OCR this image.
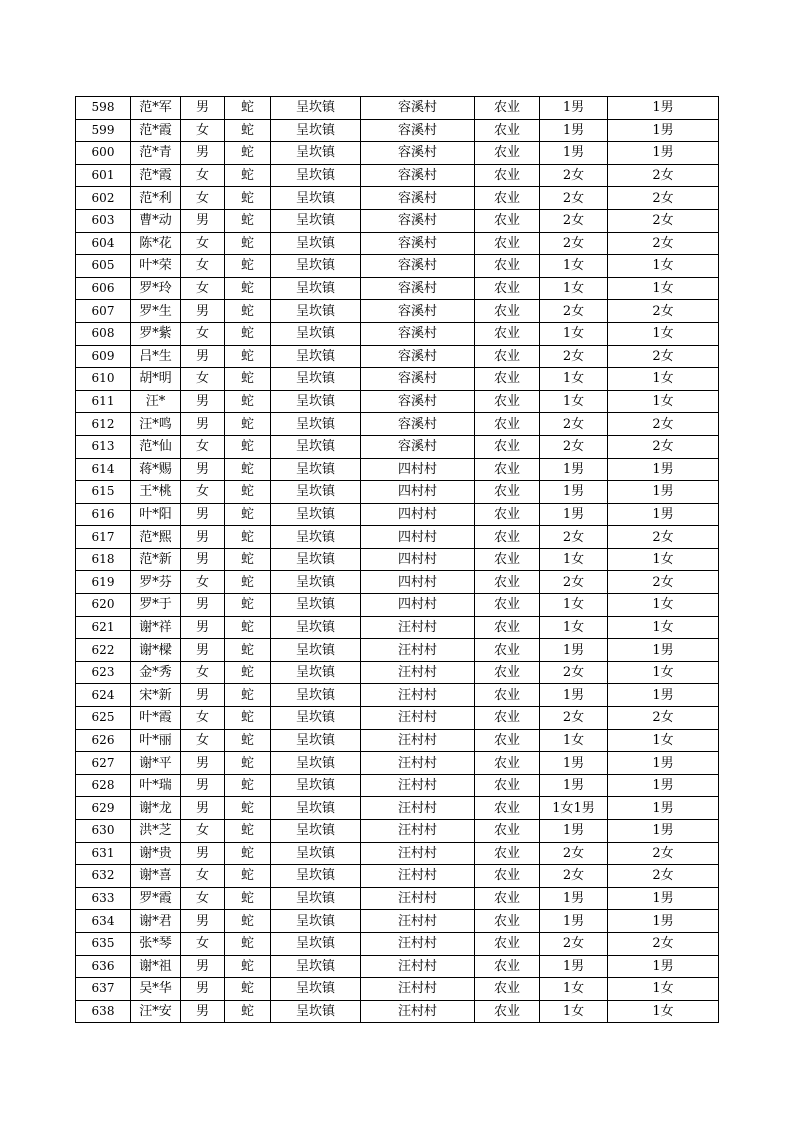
598	范*军	男	蛇	呈坎镇	容溪村	农业	1男	1男
599	范*霞	女	蛇	呈坎镇	容溪村	农业	1男	1男
600	范*青	男	蛇	呈坎镇	容溪村	农业	1男	1男
601	范*霞	女	蛇	呈坎镇	容溪村	农业	2女	2女
602	范*利	女	蛇	呈坎镇	容溪村	农业	2女	2女
603	曹*动	男	蛇	呈坎镇	容溪村	农业	2女	2女
604	陈*花	女	蛇	呈坎镇	容溪村	农业	2女	2女
605	叶*荣	女	蛇	呈坎镇	容溪村	农业	1女	1女
606	罗*玲	女	蛇	呈坎镇	容溪村	农业	1女	1女
607	罗*生	男	蛇	呈坎镇	容溪村	农业	2女	2女
608	罗*紫	女	蛇	呈坎镇	容溪村	农业	1女	1女
609	吕*生	男	蛇	呈坎镇	容溪村	农业	2女	2女
610	胡*明	女	蛇	呈坎镇	容溪村	农业	1女	1女
611	汪*	男	蛇	呈坎镇	容溪村	农业	1女	1女
612	汪*鸣	男	蛇	呈坎镇	容溪村	农业	2女	2女
613	范*仙	女	蛇	呈坎镇	容溪村	农业	2女	2女
614	蒋*赐	男	蛇	呈坎镇	四村村	农业	1男	1男
615	王*桃	女	蛇	呈坎镇	四村村	农业	1男	1男
616	叶*阳	男	蛇	呈坎镇	四村村	农业	1男	1男
617	范*熙	男	蛇	呈坎镇	四村村	农业	2女	2女
618	范*新	男	蛇	呈坎镇	四村村	农业	1女	1女
619	罗*芬	女	蛇	呈坎镇	四村村	农业	2女	2女
620	罗*于	男	蛇	呈坎镇	四村村	农业	1女	1女
621	谢*祥	男	蛇	呈坎镇	汪村村	农业	1女	1女
622	谢*樑	男	蛇	呈坎镇	汪村村	农业	1男	1男
623	金*秀	女	蛇	呈坎镇	汪村村	农业	2女	1女
624	宋*新	男	蛇	呈坎镇	汪村村	农业	1男	1男
625	叶*霞	女	蛇	呈坎镇	汪村村	农业	2女	2女
626	叶*丽	女	蛇	呈坎镇	汪村村	农业	1女	1女
627	谢*平	男	蛇	呈坎镇	汪村村	农业	1男	1男
628	叶*瑞	男	蛇	呈坎镇	汪村村	农业	1男	1男
629	谢*龙	男	蛇	呈坎镇	汪村村	农业	1女1男	1男
630	洪*芝	女	蛇	呈坎镇	汪村村	农业	1男	1男
631	谢*贵	男	蛇	呈坎镇	汪村村	农业	2女	2女
632	谢*喜	女	蛇	呈坎镇	汪村村	农业	2女	2女
633	罗*霞	女	蛇	呈坎镇	汪村村	农业	1男	1男
634	谢*君	男	蛇	呈坎镇	汪村村	农业	1男	1男
635	张*琴	女	蛇	呈坎镇	汪村村	农业	2女	2女
636	谢*祖	男	蛇	呈坎镇	汪村村	农业	1男	1男
637	吴*华	男	蛇	呈坎镇	汪村村	农业	1女	1女
638	汪*安	男	蛇	呈坎镇	汪村村	农业	1女	1女
